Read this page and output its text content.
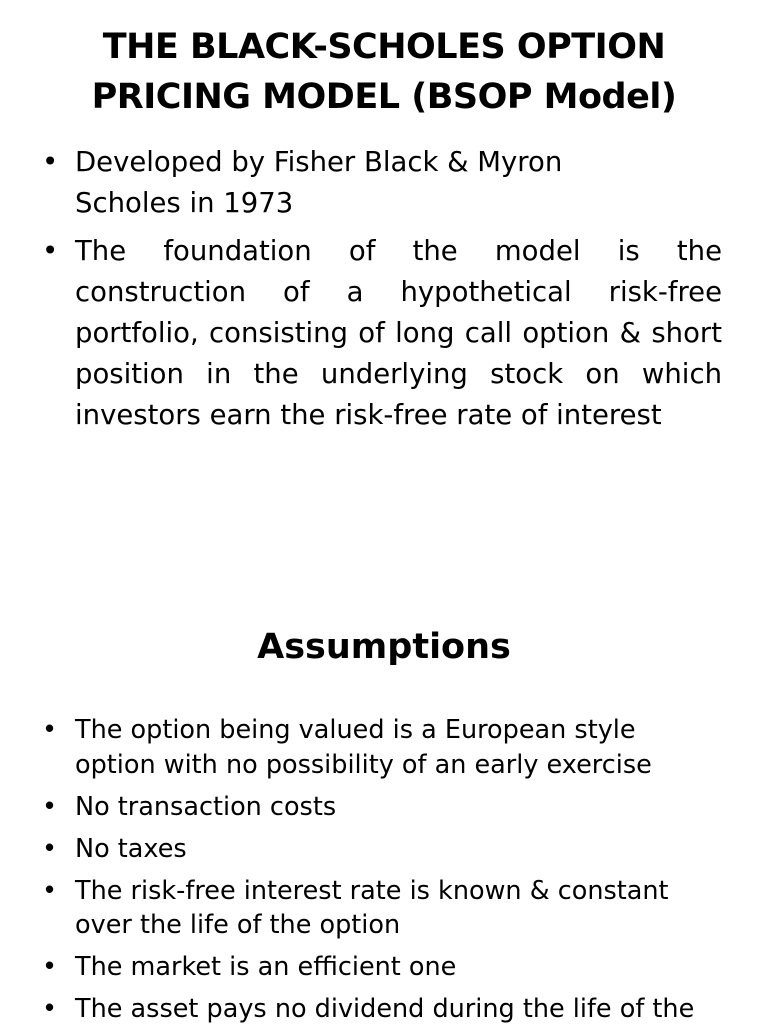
THE BLACK-SCHOLES OPTION
PRICING MODEL (BSOP Model)
• Developed by Fisher Black & Myron Scholes in 1973
• The foundation of the model is the construction of a hypothetical risk-free portfolio, consisting of long call option & short position in the underlying stock on which investors earn the risk-free rate of interest
Assumptions
• The option being valued is a European style option with no possibility of an early exercise
• No transaction costs
• No taxes
• The risk-free interest rate is known & constant over the life of the option
• The market is an efficient one
• The asset pays no dividend during the life of the
